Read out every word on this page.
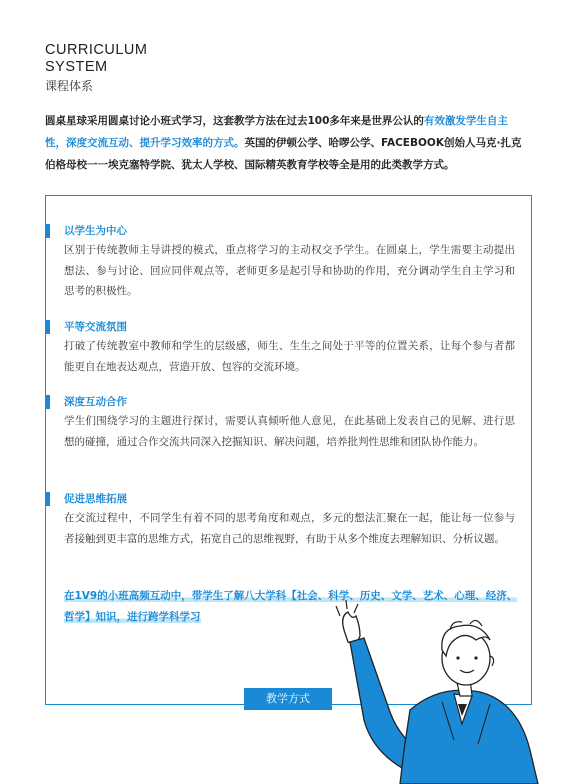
CURRICULUM
SYSTEM
课程体系
圆桌星球采用圆桌讨论小班式学习，这套教学方法在过去100多年来是世界公认的有效激发学生自主性，深度交流互动、提升学习效率的方式。英国的伊顿公学、哈啰公学、FACEBOOK创始人马克·扎克伯格母校一一埃克塞特学院、犹太人学校、国际精英教育学校等全是用的此类教学方式。
以学生为中心
区别于传统教师主导讲授的模式，重点将学习的主动权交予学生。在圆桌上，学生需要主动提出想法、参与讨论、回应同伴观点等，老师更多是起引导和协助的作用，充分调动学生自主学习和思考的积极性。
平等交流氛围
打破了传统教室中教师和学生的层级感，师生、生生之间处于平等的位置关系，让每个参与者都能更自在地表达观点，营造开放、包容的交流环境。
深度互动合作
学生们围绕学习的主题进行探讨，需要认真倾听他人意见，在此基础上发表自己的见解、进行思想的碰撞，通过合作交流共同深入挖掘知识、解决问题，培养批判性思维和团队协作能力。
促进思维拓展
在交流过程中，不同学生有着不同的思考角度和观点，多元的想法汇聚在一起，能让每一位参与者接触到更丰富的思维方式，拓宽自己的思维视野，有助于从多个维度去理解知识、分析议题。
在1V9的小班高频互动中，带学生了解八大学科【社会、科学、历史、文学、艺术、心理、经济、哲学】知识，进行跨学科学习
教学方式
